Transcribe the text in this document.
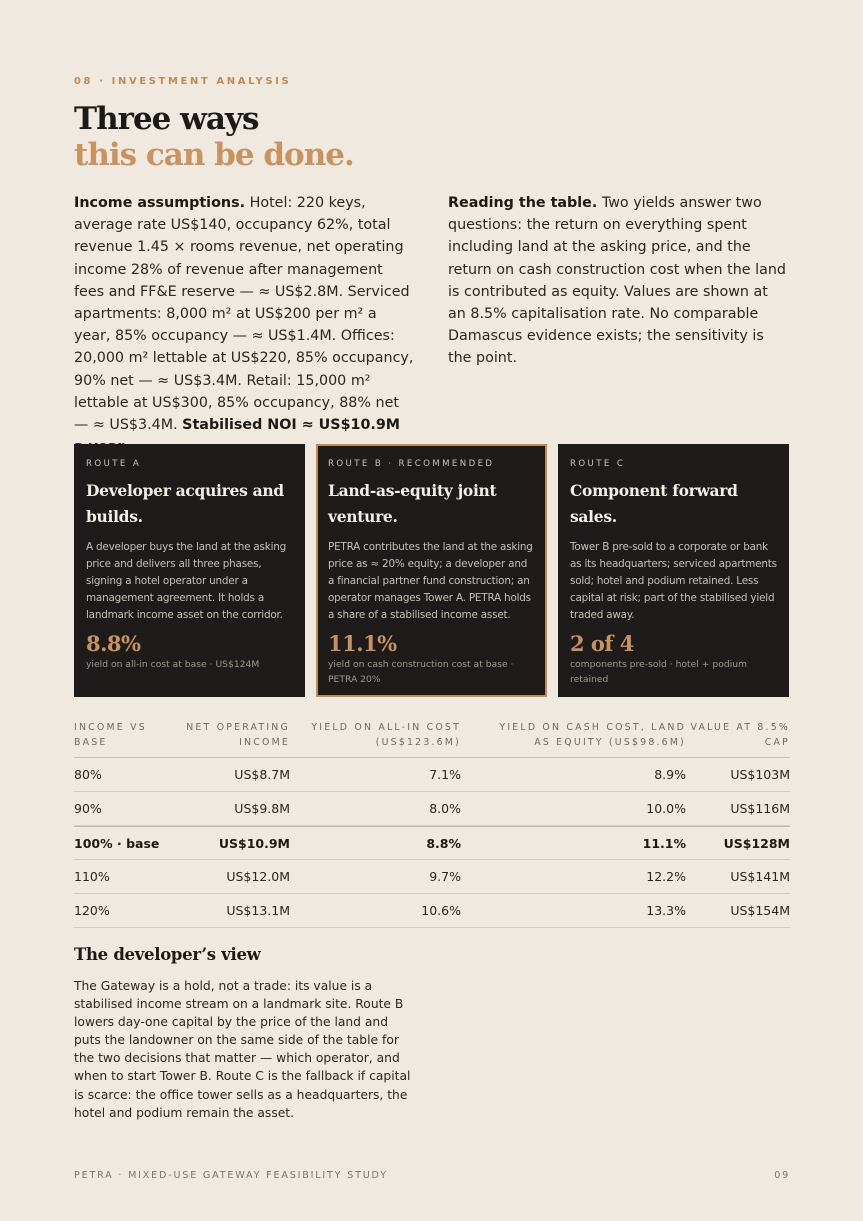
08 · INVESTMENT ANALYSIS
Three ways
this can be done.
Income assumptions. Hotel: 220 keys, average rate US$140, occupancy 62%, total revenue 1.45 × rooms revenue, net operating income 28% of revenue after management fees and FF&E reserve — ≈ US$2.8M. Serviced apartments: 8,000 m² at US$200 per m² a year, 85% occupancy — ≈ US$1.4M. Offices: 20,000 m² lettable at US$220, 85% occupancy, 90% net — ≈ US$3.4M. Retail: 15,000 m² lettable at US$300, 85% occupancy, 88% net — ≈ US$3.4M. Stabilised NOI ≈ US$10.9M
Reading the table. Two yields answer two questions: the return on everything spent including land at the asking price, and the return on cash construction cost when the land is contributed as equity. Values are shown at an 8.5% capitalisation rate. No comparable Damascus evidence exists; the sensitivity is the point.
ROUTE A
Developer acquires and builds.

A developer buys the land at the asking price and delivers all three phases, signing a hotel operator under a management agreement. It holds a landmark income asset on the corridor.

8.8%
yield on all-in cost at base · US$124M
ROUTE B · RECOMMENDED
Land-as-equity joint venture.

PETRA contributes the land at the asking price as ≈ 20% equity; a developer and a financial partner fund construction; an operator manages Tower A. PETRA holds a share of a stabilised income asset.

11.1%
yield on cash construction cost at base · PETRA 20%
ROUTE C
Component forward sales.

Tower B pre-sold to a corporate or bank as its headquarters; serviced apartments sold; hotel and podium retained. Less capital at risk; part of the stabilised yield traded away.

2 of 4
components pre-sold · hotel + podium retained
INCOME VS BASE
NET OPERATING INCOME
YIELD ON ALL-IN COST (US$123.6M)
YIELD ON CASH COST, LAND AS EQUITY (US$98.6M)
VALUE AT 8.5% CAP
80%	US$8.7M	7.1%	8.9%	US$103M
90%	US$9.8M	8.0%	10.0%	US$116M
100% · base	US$10.9M	8.8%	11.1%	US$128M
110%	US$12.0M	9.7%	12.2%	US$141M
120%	US$13.1M	10.6%	13.3%	US$154M
The developer’s view

The Gateway is a hold, not a trade: its value is a stabilised income stream on a landmark site. Route B lowers day-one capital by the price of the land and puts the landowner on the same side of the table for the two decisions that matter — which operator, and when to start Tower B. Route C is the fallback if capital is scarce: the office tower sells as a headquarters, the hotel and podium remain the asset.

PETRA · MIXED-USE GATEWAY FEASIBILITY STUDY	09
